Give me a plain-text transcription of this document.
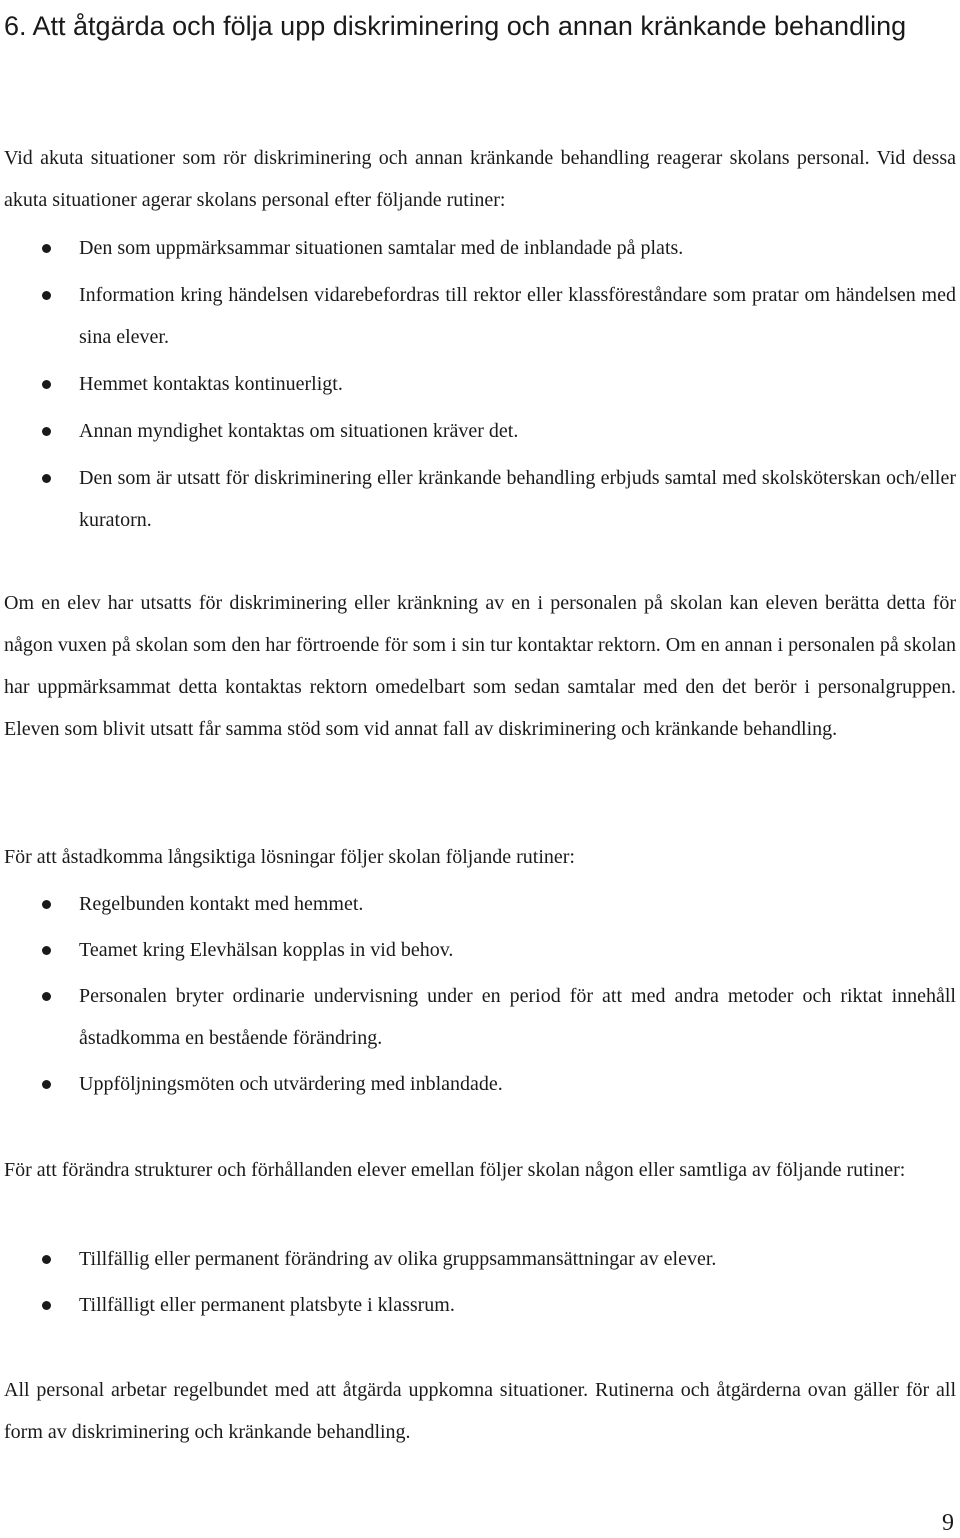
6. Att åtgärda och följa upp diskriminering och annan kränkande behandling

Vid akuta situationer som rör diskriminering och annan kränkande behandling reagerar skolans personal. Vid dessa akuta situationer agerar skolans personal efter följande rutiner:

Den som uppmärksammar situationen samtalar med de inblandade på plats.
Information kring händelsen vidarebefordras till rektor eller klassföreståndare som pratar om händelsen med sina elever.
Hemmet kontaktas kontinuerligt.
Annan myndighet kontaktas om situationen kräver det.
Den som är utsatt för diskriminering eller kränkande behandling erbjuds samtal med skolsköterskan och/eller kuratorn.

Om en elev har utsatts för diskriminering eller kränkning av en i personalen på skolan kan eleven berätta detta för någon vuxen på skolan som den har förtroende för som i sin tur kontaktar rektorn. Om en annan i personalen på skolan har uppmärksammat detta kontaktas rektorn omedelbart som sedan samtalar med den det berör i personalgruppen. Eleven som blivit utsatt får samma stöd som vid annat fall av diskriminering och kränkande behandling.

För att åstadkomma långsiktiga lösningar följer skolan följande rutiner:

Regelbunden kontakt med hemmet.
Teamet kring Elevhälsan kopplas in vid behov.
Personalen bryter ordinarie undervisning under en period för att med andra metoder och riktat innehåll åstadkomma en bestående förändring.
Uppföljningsmöten och utvärdering med inblandade.

För att förändra strukturer och förhållanden elever emellan följer skolan någon eller samtliga av följande rutiner:

Tillfällig eller permanent förändring av olika gruppsammansättningar av elever.
Tillfälligt eller permanent platsbyte i klassrum.

All personal arbetar regelbundet med att åtgärda uppkomna situationer. Rutinerna och åtgärderna ovan gäller för all form av diskriminering och kränkande behandling.

9
